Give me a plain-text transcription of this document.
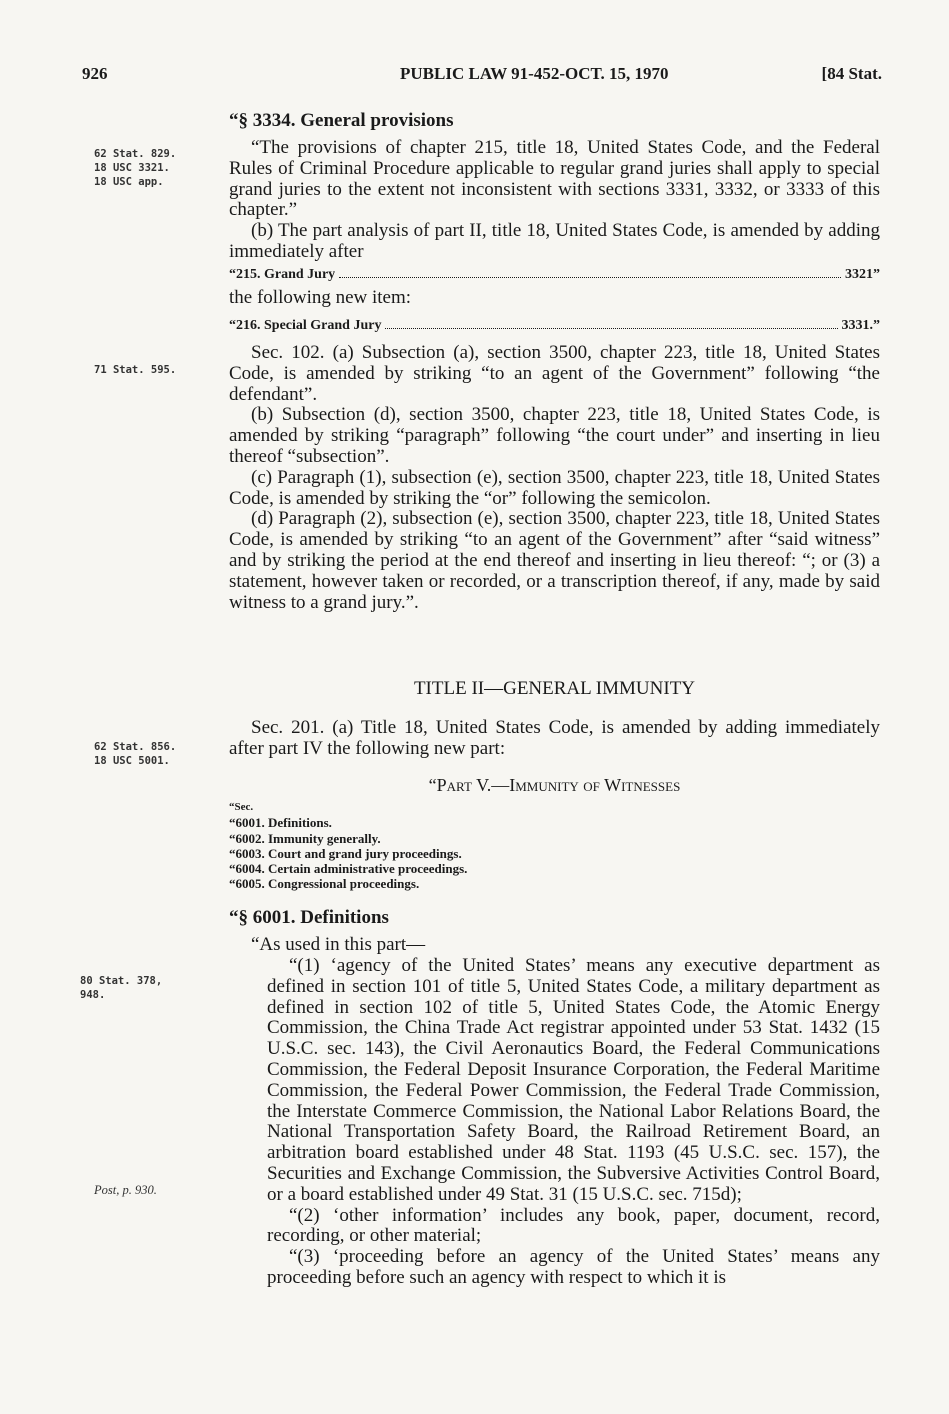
926	PUBLIC LAW 91-452-OCT. 15, 1970	[84 Stat.
62 Stat. 829.
18 USC 3321.
18 USC app.
71 Stat. 595.
62 Stat. 856.
18 USC 5001.
80 Stat. 378,
948.
Post, p. 930.
“§ 3334. General provisions

“The provisions of chapter 215, title 18, United States Code, and the Federal Rules of Criminal Procedure applicable to regular grand juries shall apply to special grand juries to the extent not inconsistent with sections 3331, 3332, or 3333 of this chapter.”

(b) The part analysis of part II, title 18, United States Code, is amended by adding immediately after

“215. Grand Jury	3321”

the following new item:

“216. Special Grand Jury	3331.”

Sec. 102. (a) Subsection (a), section 3500, chapter 223, title 18, United States Code, is amended by striking “to an agent of the Government” following “the defendant”.

(b) Subsection (d), section 3500, chapter 223, title 18, United States Code, is amended by striking “paragraph” following “the court under” and inserting in lieu thereof “subsection”.

(c) Paragraph (1), subsection (e), section 3500, chapter 223, title 18, United States Code, is amended by striking the “or” following the semicolon.

(d) Paragraph (2), subsection (e), section 3500, chapter 223, title 18, United States Code, is amended by striking “to an agent of the Government” after “said witness” and by striking the period at the end thereof and inserting in lieu thereof: “; or (3) a statement, however taken or recorded, or a transcription thereof, if any, made by said witness to a grand jury.”.

TITLE II—GENERAL IMMUNITY

Sec. 201. (a) Title 18, United States Code, is amended by adding immediately after part IV the following new part:

“Part V.—Immunity of Witnesses
“Sec.
“6001. Definitions.
“6002. Immunity generally.
“6003. Court and grand jury proceedings.
“6004. Certain administrative proceedings.
“6005. Congressional proceedings.
“§ 6001. Definitions

“As used in this part—

“(1) ‘agency of the United States’ means any executive department as defined in section 101 of title 5, United States Code, a military department as defined in section 102 of title 5, United States Code, the Atomic Energy Commission, the China Trade Act registrar appointed under 53 Stat. 1432 (15 U.S.C. sec. 143), the Civil Aeronautics Board, the Federal Communications Commission, the Federal Deposit Insurance Corporation, the Federal Maritime Commission, the Federal Power Commission, the Federal Trade Commission, the Interstate Commerce Commission, the National Labor Relations Board, the National Transportation Safety Board, the Railroad Retirement Board, an arbitration board established under 48 Stat. 1193 (45 U.S.C. sec. 157), the Securities and Exchange Commission, the Subversive Activities Control Board, or a board established under 49 Stat. 31 (15 U.S.C. sec. 715d);

“(2) ‘other information’ includes any book, paper, document, record, recording, or other material;

“(3) ‘proceeding before an agency of the United States’ means any proceeding before such an agency with respect to which it is
